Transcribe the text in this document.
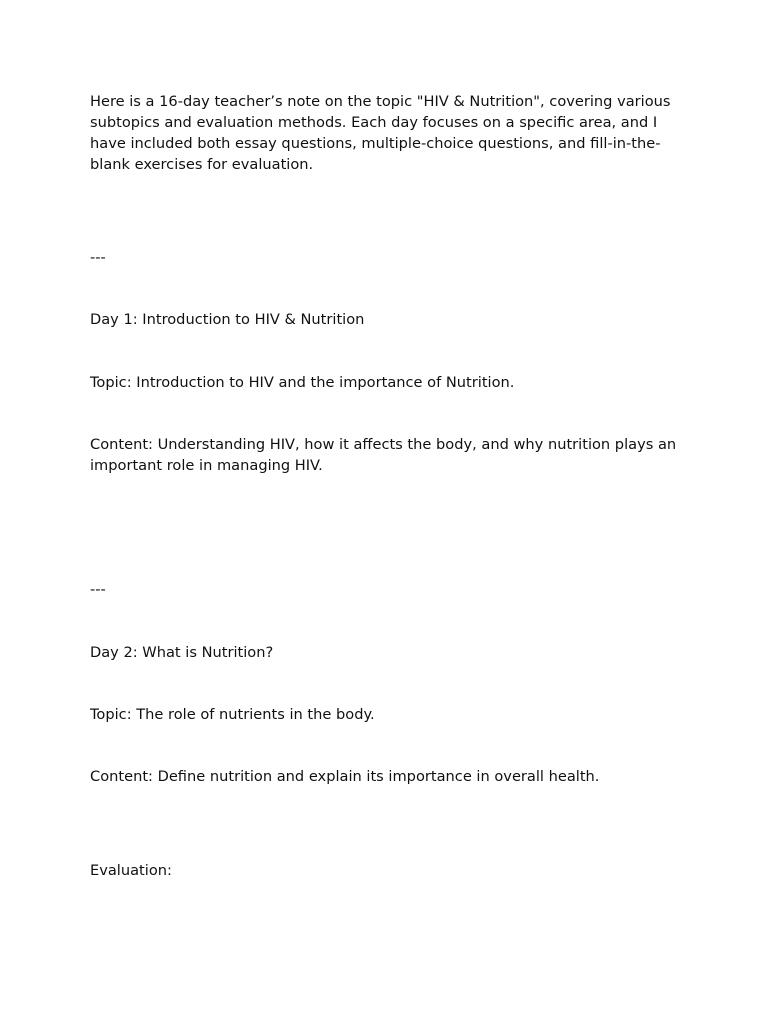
Here is a 16-day teacher’s note on the topic "HIV & Nutrition", covering various subtopics and evaluation methods. Each day focuses on a specific area, and I have included both essay questions, multiple-choice questions, and fill-in-the-blank exercises for evaluation.

---

Day 1: Introduction to HIV & Nutrition

Topic: Introduction to HIV and the importance of Nutrition.

Content: Understanding HIV, how it affects the body, and why nutrition plays an important role in managing HIV.

---

Day 2: What is Nutrition?

Topic: The role of nutrients in the body.

Content: Define nutrition and explain its importance in overall health.

Evaluation:
